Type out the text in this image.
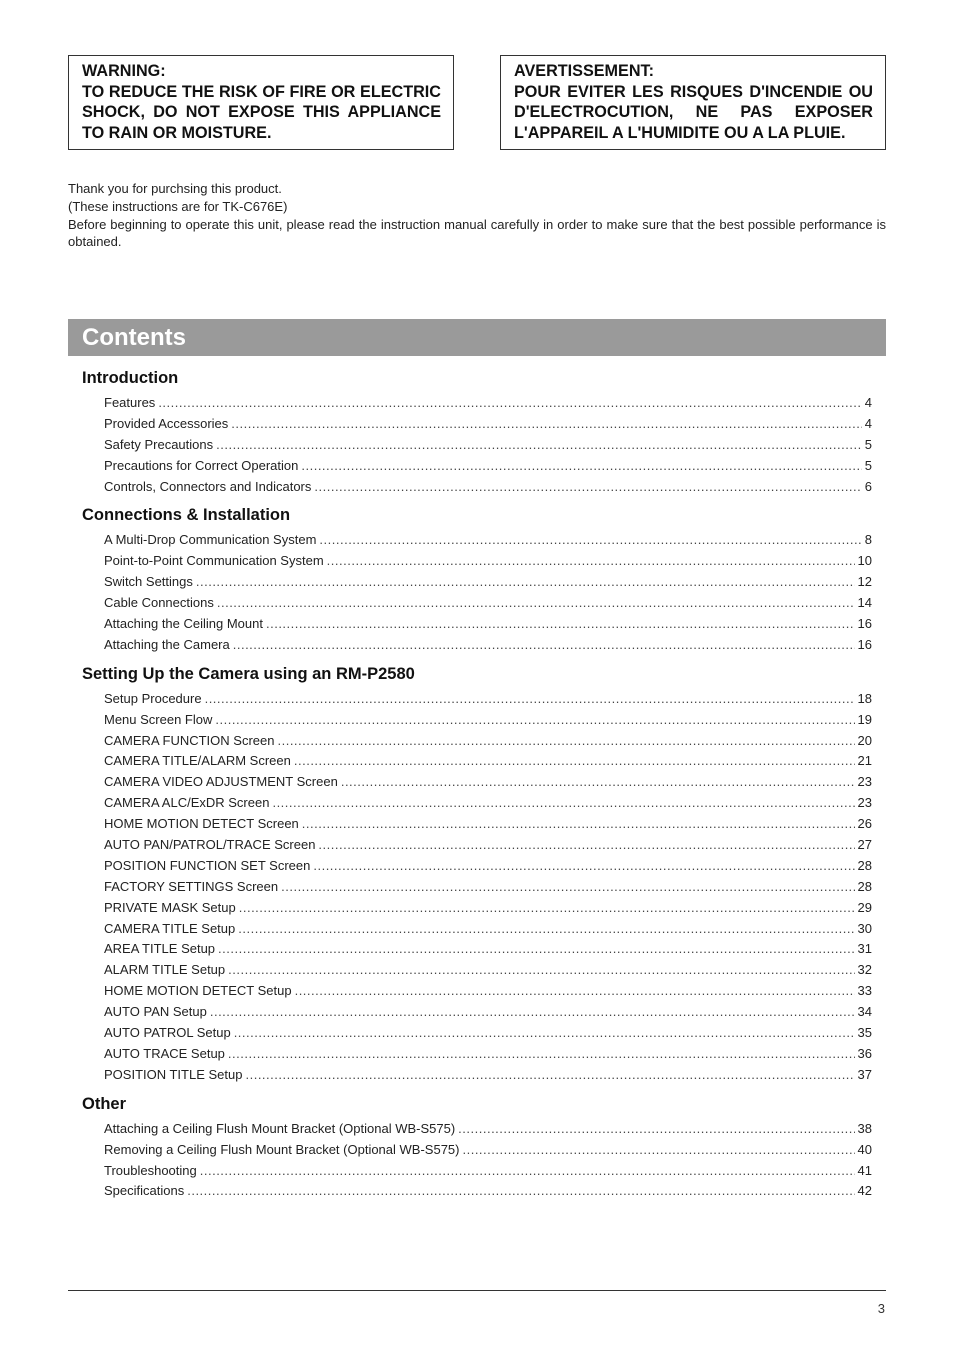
WARNING:
TO REDUCE THE RISK OF FIRE OR ELECTRIC SHOCK, DO NOT EXPOSE THIS APPLIANCE TO RAIN OR MOISTURE.
AVERTISSEMENT:
POUR EVITER LES RISQUES D'INCENDIE OU D'ELECTROCUTION, NE PAS EXPOSER L'APPAREIL A L'HUMIDITE OU A LA PLUIE.

Thank you for purchsing this product.

(These instructions are for TK-C676E)

Before beginning to operate this unit, please read the instruction manual carefully in order to make sure that the best possible performance is obtained.

Contents
Introduction
Features .....	4
Provided Accessories .....	4
Safety Precautions .....	5
Precautions for Correct Operation .....	5
Controls, Connectors and Indicators .....	6
Connections & Installation
A Multi-Drop Communication System .....	8
Point-to-Point Communication System .....	10
Switch Settings .....	12
Cable Connections .....	14
Attaching the Ceiling Mount .....	16
Attaching the Camera .....	16
Setting Up the Camera using an RM-P2580
Setup Procedure .....	18
Menu Screen Flow .....	19
CAMERA FUNCTION Screen .....	20
CAMERA TITLE/ALARM Screen .....	21
CAMERA VIDEO ADJUSTMENT Screen .....	23
CAMERA ALC/ExDR Screen .....	23
HOME MOTION DETECT Screen .....	26
AUTO PAN/PATROL/TRACE Screen .....	27
POSITION FUNCTION SET Screen .....	28
FACTORY SETTINGS Screen .....	28
PRIVATE MASK Setup .....	29
CAMERA TITLE Setup .....	30
AREA TITLE Setup .....	31
ALARM TITLE Setup .....	32
HOME MOTION DETECT Setup .....	33
AUTO PAN Setup .....	34
AUTO PATROL Setup .....	35
AUTO TRACE Setup .....	36
POSITION TITLE Setup .....	37
Other
Attaching a Ceiling Flush Mount Bracket (Optional WB-S575) .....	38
Removing a Ceiling Flush Mount Bracket (Optional WB-S575) .....	40
Troubleshooting .....	41
Specifications .....	42
3
